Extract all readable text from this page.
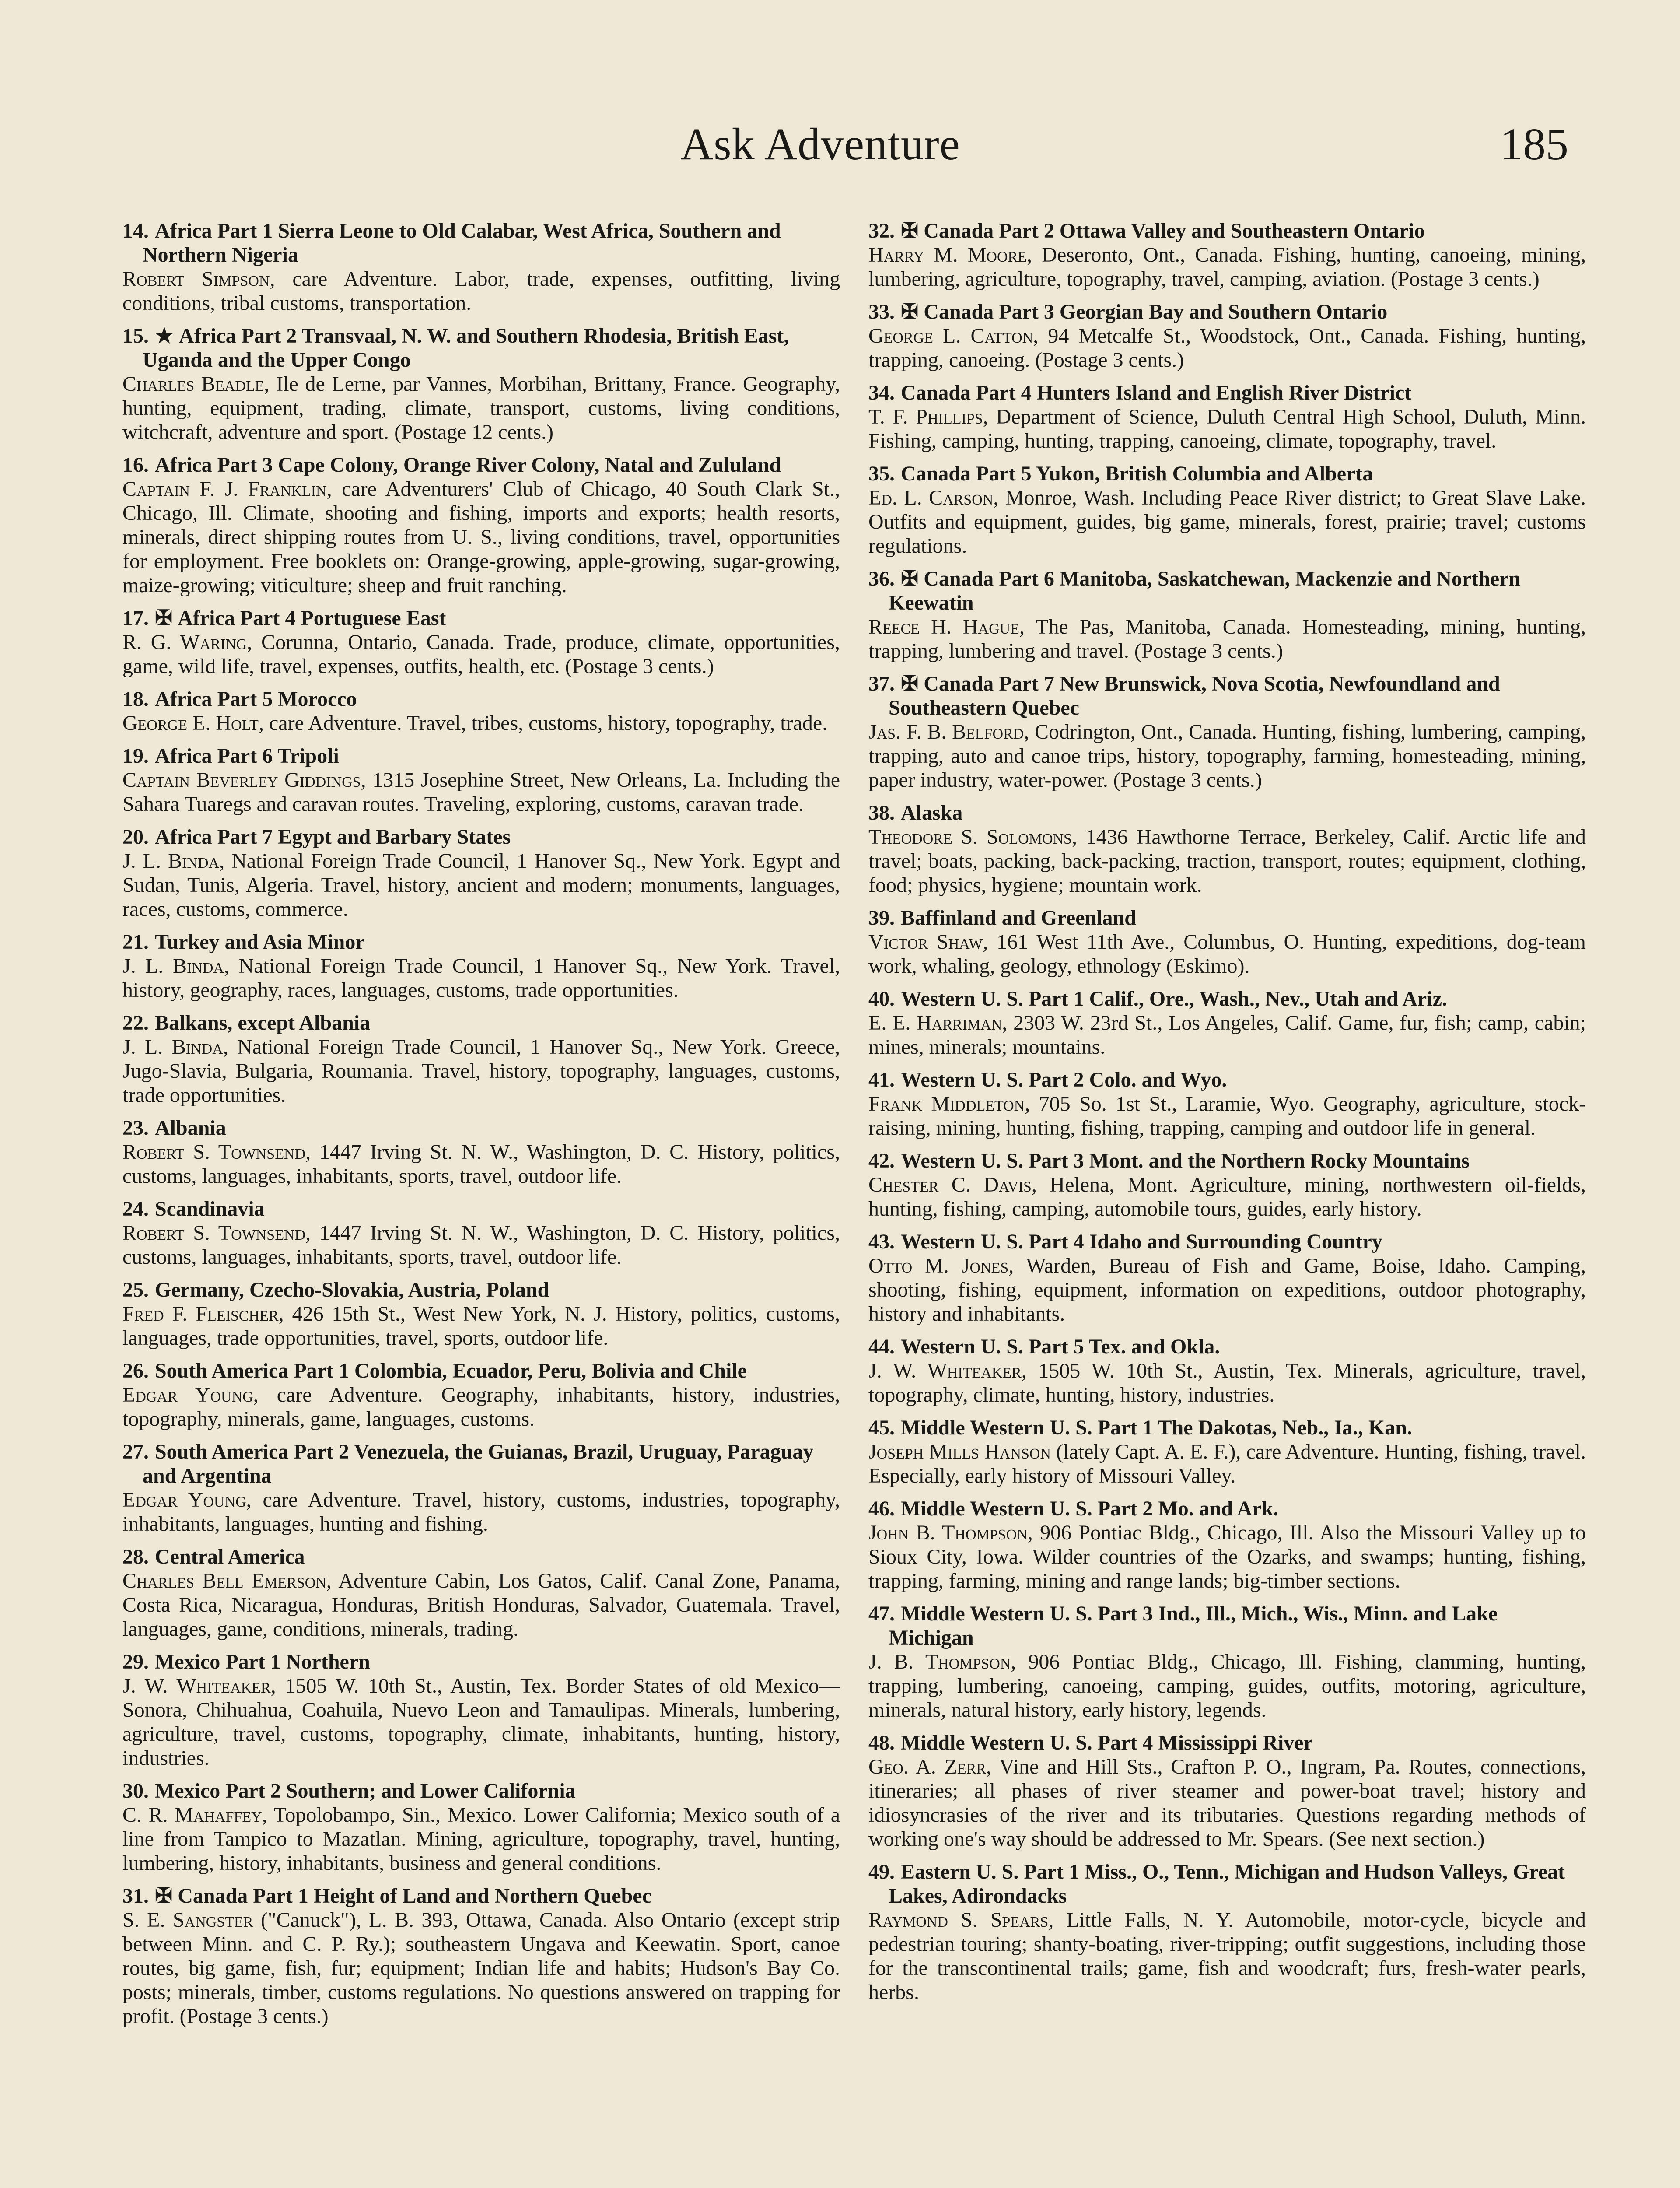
Ask Adventure	185
14. Africa Part 1 Sierra Leone to Old Calabar, West Africa, Southern and Northern Nigeria
Robert Simpson, care Adventure. Labor, trade, expenses, outfitting, living conditions, tribal customs, transportation.
15. ★ Africa Part 2 Transvaal, N. W. and Southern Rhodesia, British East, Uganda and the Upper Congo
Charles Beadle, Ile de Lerne, par Vannes, Morbihan, Brittany, France. Geography, hunting, equipment, trading, climate, transport, customs, living conditions, witchcraft, adventure and sport. (Postage 12 cents.)
16. Africa Part 3 Cape Colony, Orange River Colony, Natal and Zululand
Captain F. J. Franklin, care Adventurers' Club of Chicago, 40 South Clark St., Chicago, Ill. Climate, shooting and fishing, imports and exports; health resorts, minerals, direct shipping routes from U. S., living conditions, travel, opportunities for employment. Free booklets on: Orange-growing, apple-growing, sugar-growing, maize-growing; viticulture; sheep and fruit ranching.
17. ✠ Africa Part 4 Portuguese East
R. G. Waring, Corunna, Ontario, Canada. Trade, produce, climate, opportunities, game, wild life, travel, expenses, outfits, health, etc. (Postage 3 cents.)
18. Africa Part 5 Morocco
George E. Holt, care Adventure. Travel, tribes, customs, history, topography, trade.
19. Africa Part 6 Tripoli
Captain Beverley Giddings, 1315 Josephine Street, New Orleans, La. Including the Sahara Tuaregs and caravan routes. Traveling, exploring, customs, caravan trade.
20. Africa Part 7 Egypt and Barbary States
J. L. Binda, National Foreign Trade Council, 1 Hanover Sq., New York. Egypt and Sudan, Tunis, Algeria. Travel, history, ancient and modern; monuments, languages, races, customs, commerce.
21. Turkey and Asia Minor
J. L. Binda, National Foreign Trade Council, 1 Hanover Sq., New York. Travel, history, geography, races, languages, customs, trade opportunities.
22. Balkans, except Albania
J. L. Binda, National Foreign Trade Council, 1 Hanover Sq., New York. Greece, Jugo-Slavia, Bulgaria, Roumania. Travel, history, topography, languages, customs, trade opportunities.
23. Albania
Robert S. Townsend, 1447 Irving St. N. W., Washington, D. C. History, politics, customs, languages, inhabitants, sports, travel, outdoor life.
24. Scandinavia
Robert S. Townsend, 1447 Irving St. N. W., Washington, D. C. History, politics, customs, languages, inhabitants, sports, travel, outdoor life.
25. Germany, Czecho-Slovakia, Austria, Poland
Fred F. Fleischer, 426 15th St., West New York, N. J. History, politics, customs, languages, trade opportunities, travel, sports, outdoor life.
26. South America Part 1 Colombia, Ecuador, Peru, Bolivia and Chile
Edgar Young, care Adventure. Geography, inhabitants, history, industries, topography, minerals, game, languages, customs.
27. South America Part 2 Venezuela, the Guianas, Brazil, Uruguay, Paraguay and Argentina
Edgar Young, care Adventure. Travel, history, customs, industries, topography, inhabitants, languages, hunting and fishing.
28. Central America
Charles Bell Emerson, Adventure Cabin, Los Gatos, Calif. Canal Zone, Panama, Costa Rica, Nicaragua, Honduras, British Honduras, Salvador, Guatemala. Travel, languages, game, conditions, minerals, trading.
29. Mexico Part 1 Northern
J. W. Whiteaker, 1505 W. 10th St., Austin, Tex. Border States of old Mexico—Sonora, Chihuahua, Coahuila, Nuevo Leon and Tamaulipas. Minerals, lumbering, agriculture, travel, customs, topography, climate, inhabitants, hunting, history, industries.
30. Mexico Part 2 Southern; and Lower California
C. R. Mahaffey, Topolobampo, Sin., Mexico. Lower California; Mexico south of a line from Tampico to Mazatlan. Mining, agriculture, topography, travel, hunting, lumbering, history, inhabitants, business and general conditions.
31. ✠ Canada Part 1 Height of Land and Northern Quebec
S. E. Sangster ("Canuck"), L. B. 393, Ottawa, Canada. Also Ontario (except strip between Minn. and C. P. Ry.); southeastern Ungava and Keewatin. Sport, canoe routes, big game, fish, fur; equipment; Indian life and habits; Hudson's Bay Co. posts; minerals, timber, customs regulations. No questions answered on trapping for profit. (Postage 3 cents.)
32. ✠ Canada Part 2 Ottawa Valley and Southeastern Ontario
Harry M. Moore, Deseronto, Ont., Canada. Fishing, hunting, canoeing, mining, lumbering, agriculture, topography, travel, camping, aviation. (Postage 3 cents.)
33. ✠ Canada Part 3 Georgian Bay and Southern Ontario
George L. Catton, 94 Metcalfe St., Woodstock, Ont., Canada. Fishing, hunting, trapping, canoeing. (Postage 3 cents.)
34. Canada Part 4 Hunters Island and English River District
T. F. Phillips, Department of Science, Duluth Central High School, Duluth, Minn. Fishing, camping, hunting, trapping, canoeing, climate, topography, travel.
35. Canada Part 5 Yukon, British Columbia and Alberta
Ed. L. Carson, Monroe, Wash. Including Peace River district; to Great Slave Lake. Outfits and equipment, guides, big game, minerals, forest, prairie; travel; customs regulations.
36. ✠ Canada Part 6 Manitoba, Saskatchewan, Mackenzie and Northern Keewatin
Reece H. Hague, The Pas, Manitoba, Canada. Homesteading, mining, hunting, trapping, lumbering and travel. (Postage 3 cents.)
37. ✠ Canada Part 7 New Brunswick, Nova Scotia, Newfoundland and Southeastern Quebec
Jas. F. B. Belford, Codrington, Ont., Canada. Hunting, fishing, lumbering, camping, trapping, auto and canoe trips, history, topography, farming, homesteading, mining, paper industry, water-power. (Postage 3 cents.)
38. Alaska
Theodore S. Solomons, 1436 Hawthorne Terrace, Berkeley, Calif. Arctic life and travel; boats, packing, back-packing, traction, transport, routes; equipment, clothing, food; physics, hygiene; mountain work.
39. Baffinland and Greenland
Victor Shaw, 161 West 11th Ave., Columbus, O. Hunting, expeditions, dog-team work, whaling, geology, ethnology (Eskimo).
40. Western U. S. Part 1 Calif., Ore., Wash., Nev., Utah and Ariz.
E. E. Harriman, 2303 W. 23rd St., Los Angeles, Calif. Game, fur, fish; camp, cabin; mines, minerals; mountains.
41. Western U. S. Part 2 Colo. and Wyo.
Frank Middleton, 705 So. 1st St., Laramie, Wyo. Geography, agriculture, stock-raising, mining, hunting, fishing, trapping, camping and outdoor life in general.
42. Western U. S. Part 3 Mont. and the Northern Rocky Mountains
Chester C. Davis, Helena, Mont. Agriculture, mining, northwestern oil-fields, hunting, fishing, camping, automobile tours, guides, early history.
43. Western U. S. Part 4 Idaho and Surrounding Country
Otto M. Jones, Warden, Bureau of Fish and Game, Boise, Idaho. Camping, shooting, fishing, equipment, information on expeditions, outdoor photography, history and inhabitants.
44. Western U. S. Part 5 Tex. and Okla.
J. W. Whiteaker, 1505 W. 10th St., Austin, Tex. Minerals, agriculture, travel, topography, climate, hunting, history, industries.
45. Middle Western U. S. Part 1 The Dakotas, Neb., Ia., Kan.
Joseph Mills Hanson (lately Capt. A. E. F.), care Adventure. Hunting, fishing, travel. Especially, early history of Missouri Valley.
46. Middle Western U. S. Part 2 Mo. and Ark.
John B. Thompson, 906 Pontiac Bldg., Chicago, Ill. Also the Missouri Valley up to Sioux City, Iowa. Wilder countries of the Ozarks, and swamps; hunting, fishing, trapping, farming, mining and range lands; big-timber sections.
47. Middle Western U. S. Part 3 Ind., Ill., Mich., Wis., Minn. and Lake Michigan
J. B. Thompson, 906 Pontiac Bldg., Chicago, Ill. Fishing, clamming, hunting, trapping, lumbering, canoeing, camping, guides, outfits, motoring, agriculture, minerals, natural history, early history, legends.
48. Middle Western U. S. Part 4 Mississippi River
Geo. A. Zerr, Vine and Hill Sts., Crafton P. O., Ingram, Pa. Routes, connections, itineraries; all phases of river steamer and power-boat travel; history and idiosyncrasies of the river and its tributaries. Questions regarding methods of working one's way should be addressed to Mr. Spears. (See next section.)
49. Eastern U. S. Part 1 Miss., O., Tenn., Michigan and Hudson Valleys, Great Lakes, Adirondacks
Raymond S. Spears, Little Falls, N. Y. Automobile, motor-cycle, bicycle and pedestrian touring; shanty-boating, river-tripping; outfit suggestions, including those for the transcontinental trails; game, fish and woodcraft; furs, fresh-water pearls, herbs.
